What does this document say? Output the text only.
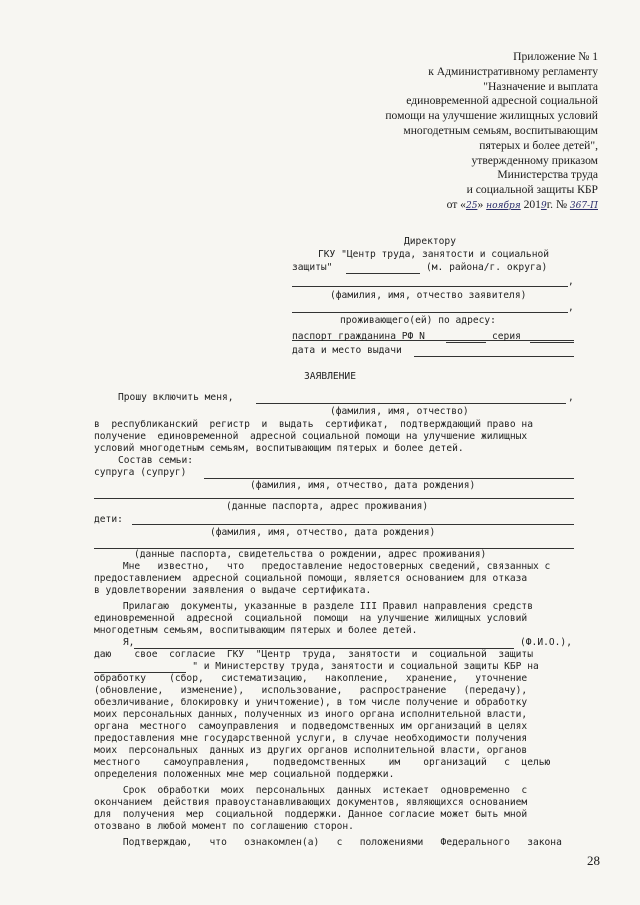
Приложение № 1
к Административному регламенту
"Назначение и выплата
единовременной адресной социальной
помощи на улучшение жилищных условий
многодетным семьям, воспитывающим
пятерых и более детей",
утвержденному приказом
Министерства труда
и социальной защиты КБР
от «25» ноября 2019г. № 367-П
Директору
ГКУ "Центр труда, занятости и социальной
защиты"	(м. района/г. округа)
,
(фамилия, имя, отчество заявителя)
,
проживающего(ей) по адресу:
паспорт гражданина РФ N	серия
дата и место выдачи
ЗАЯВЛЕНИЕ
Прошу включить меня,	,
(фамилия, имя, отчество)
в  республиканский  регистр  и  выдать  сертификат,  подтверждающий право на
получение  единовременной  адресной социальной помощи на улучшение жилищных
условий многодетным семьям, воспитывающим пятерых и более детей.
Состав семьи:
супруга (супруг)
(фамилия, имя, отчество, дата рождения)
(данные паспорта, адрес проживания)
дети:
(фамилия, имя, отчество, дата рождения)
(данные паспорта, свидетельства о рождении, адрес проживания)
Мне   известно,   что   предоставление недостоверных сведений, связанных с
предоставлением  адресной социальной помощи, является основанием для отказа
в удовлетворении заявления о выдаче сертификата.
Прилагаю  документы, указанные в разделе III Правил направления средств
единовременной  адресной  социальной  помощи  на улучшение жилищных условий
многодетным семьям, воспитывающим пятерых и более детей.
Я,	(Ф.И.О.),
даю    свое  согласие  ГКУ  "Центр  труда,  занятости  и  социальной  защиты
" и Министерству труда, занятости и социальной защиты КБР на
обработку    (сбор,   систематизацию,   накопление,   хранение,   уточнение
(обновление,   изменение),   использование,   распространение   (передачу),
обезличивание, блокировку и уничтожение), в том числе получение и обработку
моих персональных данных, полученных из иного органа исполнительной власти,
органа  местного  самоуправления  и подведомственных им организаций в целях
предоставления мне государственной услуги, в случае необходимости получения
моих  персональных  данных из других органов исполнительной власти, органов
местного    самоуправления,    подведомственных    им    организаций   с  целью
определения положенных мне мер социальной поддержки.
Срок  обработки  моих  персональных  данных  истекает  одновременно  с
окончанием  действия правоустанавливающих документов, являющихся основанием
для  получения  мер  социальной  поддержки. Данное согласие может быть мной
отозвано в любой момент по соглашению сторон.
Подтверждаю,   что   ознакомлен(а)   с   положениями   Федерального   закона
28
